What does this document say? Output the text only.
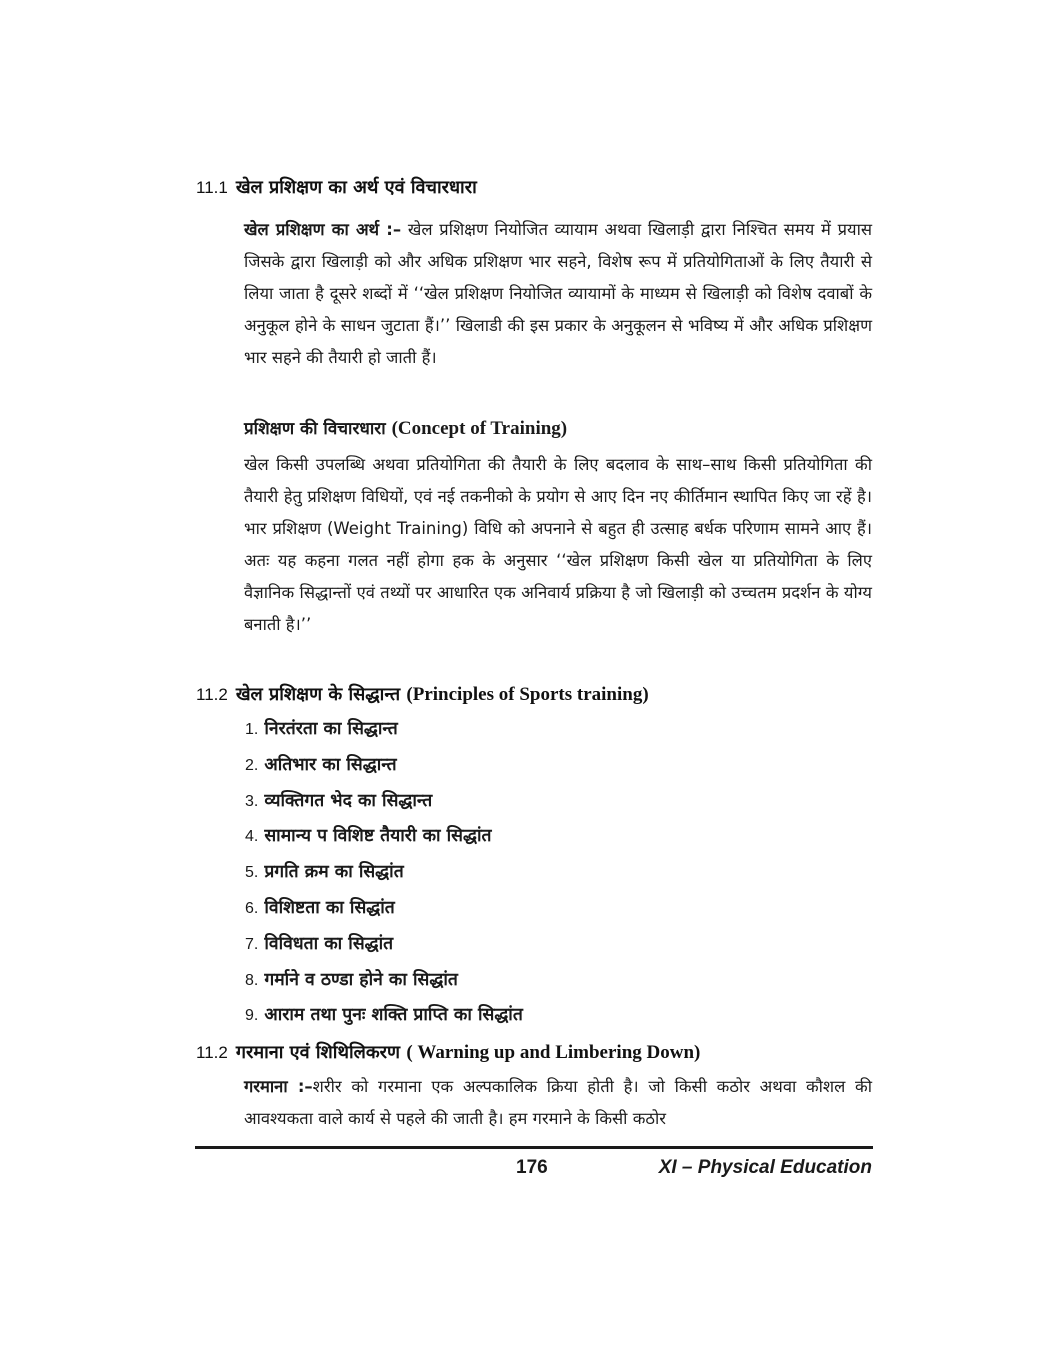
11.1 खेल प्रशिक्षण का अर्थ एवं विचारधारा
खेल प्रशिक्षण का अर्थ :– खेल प्रशिक्षण नियोजित व्यायाम अथवा खिलाड़ी द्वारा निश्चित समय में प्रयास जिसके द्वारा खिलाड़ी को और अधिक प्रशिक्षण भार सहने, विशेष रूप में प्रतियोगिताओं के लिए तैयारी से लिया जाता है दूसरे शब्दों में ‘‘खेल प्रशिक्षण नियोजित व्यायामों के माध्यम से खिलाड़ी को विशेष दवाबों के अनुकूल होने के साधन जुटाता हैं।’’ खिलाडी की इस प्रकार के अनुकूलन से भविष्य में और अधिक प्रशिक्षण भार सहने की तैयारी हो जाती हैं।
प्रशिक्षण की विचारधारा (Concept of Training)
खेल किसी उपलब्धि अथवा प्रतियोगिता की तैयारी के लिए बदलाव के साथ–साथ किसी प्रतियोगिता की तैयारी हेतु प्रशिक्षण विधियों, एवं नई तकनीको के प्रयोग से आए दिन नए कीर्तिमान स्थापित किए जा रहें है। भार प्रशिक्षण (Weight Training) विधि को अपनाने से बहुत ही उत्साह बर्धक परिणाम सामने आए हैं। अतः यह कहना गलत नहीं होगा हक के अनुसार ‘‘खेल प्रशिक्षण किसी खेल या प्रतियोगिता के लिए वैज्ञानिक सिद्धान्तों एवं तथ्यों पर आधारित एक अनिवार्य प्रक्रिया है जो खिलाड़ी को उच्चतम प्रदर्शन के योग्य बनाती है।’’
11.2 खेल प्रशिक्षण के सिद्धान्त (Principles of Sports training)
1. निरतंरता का सिद्धान्त
2. अतिभार का सिद्धान्त
3. व्यक्तिगत भेद का सिद्धान्त
4. सामान्य प विशिष्ट तैयारी का सिद्धांत
5. प्रगति क्रम का सिद्धांत
6. विशिष्टता का सिद्धांत
7. विविधता का सिद्धांत
8. गर्माने व ठण्डा होने का सिद्धांत
9. आराम तथा पुनः शक्ति प्राप्ति का सिद्धांत
11.2 गरमाना एवं शिथिलिकरण ( Warning up and Limbering Down)
गरमाना :–शरीर को गरमाना एक अल्पकालिक क्रिया होती है। जो किसी कठोर अथवा कौशल की आवश्यकता वाले कार्य से पहले की जाती है। हम गरमाने के किसी कठोर
176	XI – Physical Education
